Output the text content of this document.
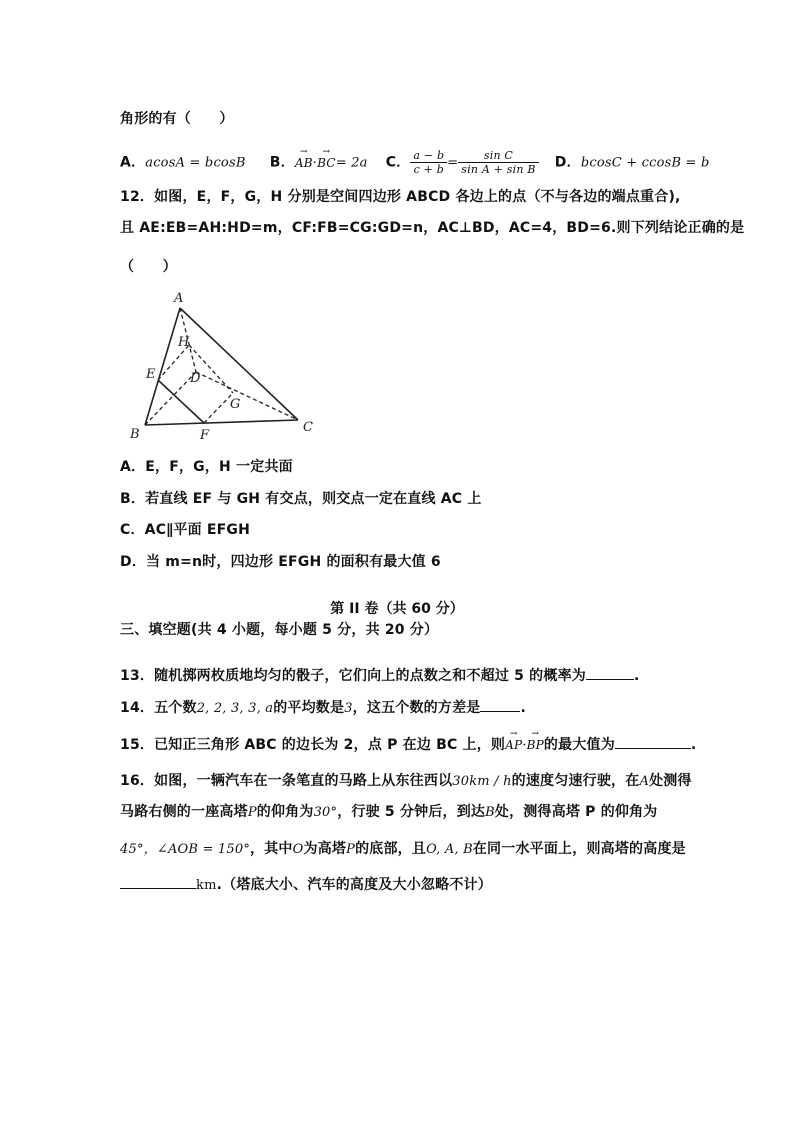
角形的有（　　）
A．acosA = bcosB B．→ AB·→ BC= 2a C． $\frac{a - b}{c + b} = \frac{\text{sin C}}{\text{sin A + sin B}}$ D．bcosC + ccosB = b
12．如图，E，F，G，H 分别是空间四边形 ABCD 各边上的点（不与各边的端点重合),
且 AE:EB=AH:HD=m，CF:FB=CG:GD=n，AC⊥BD，AC=4，BD=6.则下列结论正确的是
（　　）
A
B	C
D
E
F
G
H
A．E，F，G，H 一定共面
B．若直线 EF 与 GH 有交点，则交点一定在直线 AC 上
C．AC∥平面 EFGH
D．当 m=n时，四边形 EFGH 的面积有最大值 6
第 II 卷（共 60 分）
三、填空题(共 4 小题，每小题 5 分，共 20 分）
13．随机掷两枚质地均匀的骰子，它们向上的点数之和不超过 5 的概率为	.
14．五个数2, 2, 3, 3, a的平均数是3，这五个数的方差是	.
15．已知正三角形 ABC 的边长为 2，点 P 在边 BC 上，则→ AP·→ BP的最大值为	.
16．如图，一辆汽车在一条笔直的马路上从东往西以30km / h的速度匀速行驶，在A处测得
马路右侧的一座高塔P的仰角为30°，行驶 5 分钟后，到达B处，测得高塔 P 的仰角为
45°，∠AOB = 150°，其中O为高塔P的底部，且O, A, B在同一水平面上，则高塔的高度是
km.（塔底大小、汽车的高度及大小忽略不计）
